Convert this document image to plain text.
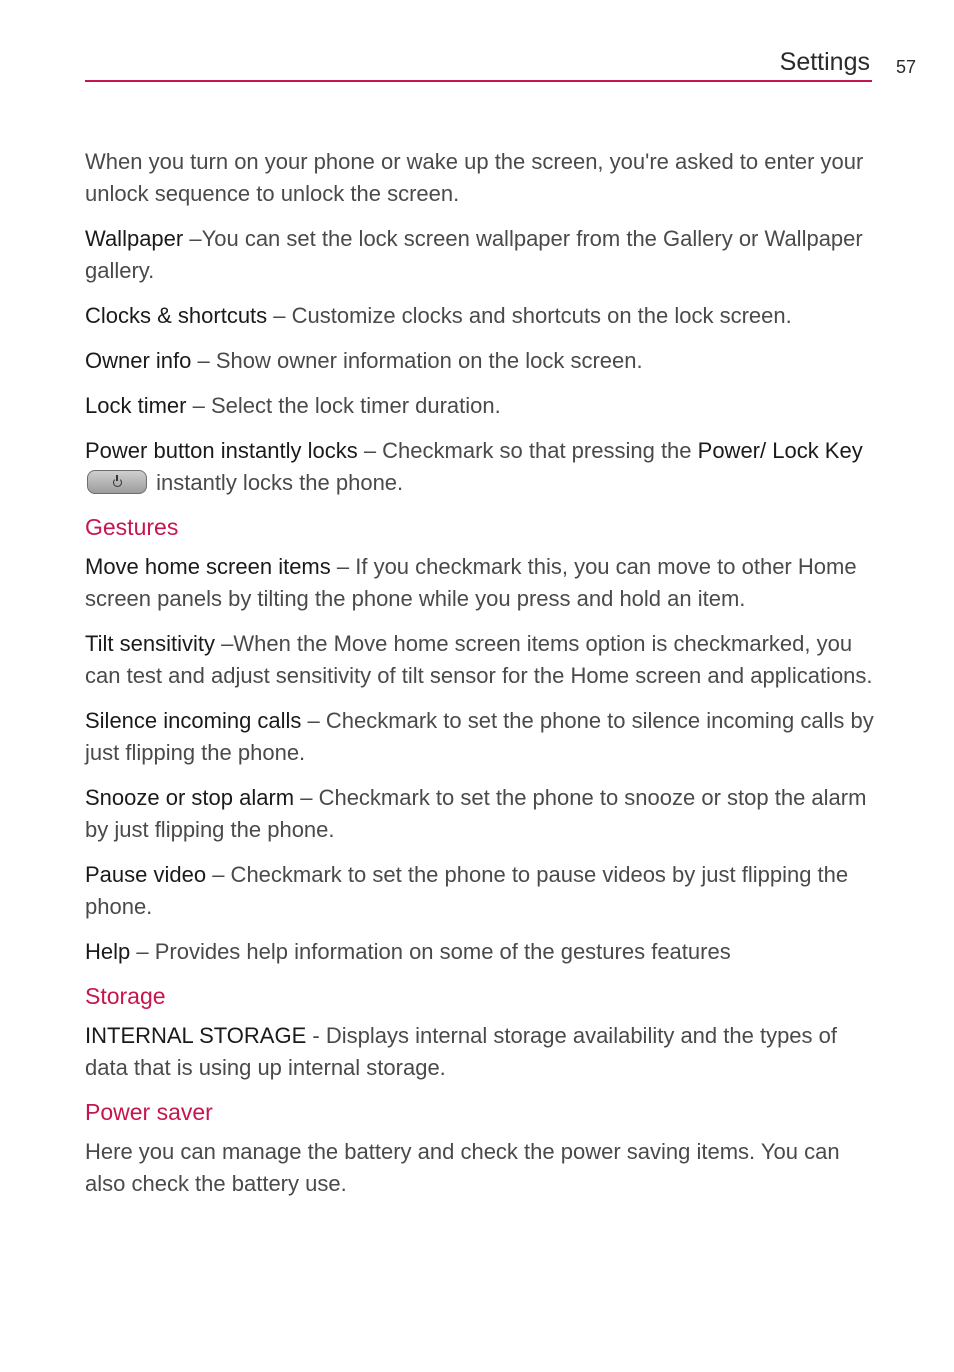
Settings 57

When you turn on your phone or wake up the screen, you're asked to enter your unlock sequence to unlock the screen.

Wallpaper –You can set the lock screen wallpaper from the Gallery or Wallpaper gallery.

Clocks & shortcuts – Customize clocks and shortcuts on the lock screen.

Owner info – Show owner information on the lock screen.

Lock timer – Select the lock timer duration.

Power button instantly locks – Checkmark so that pressing the Power/ Lock Key
instantly locks the phone.

Gestures

Move home screen items – If you checkmark this, you can move to other Home screen panels by tilting the phone while you press and hold an item.

Tilt sensitivity –When the Move home screen items option is checkmarked, you can test and adjust sensitivity of tilt sensor for the Home screen and applications.

Silence incoming calls – Checkmark to set the phone to silence incoming calls by just flipping the phone.

Snooze or stop alarm – Checkmark to set the phone to snooze or stop the alarm by just flipping the phone.

Pause video – Checkmark to set the phone to pause videos by just flipping the phone.

Help – Provides help information on some of the gestures features

Storage

INTERNAL STORAGE - Displays internal storage availability and the types of data that is using up internal storage.

Power saver

Here you can manage the battery and check the power saving items. You can also check the battery use.
